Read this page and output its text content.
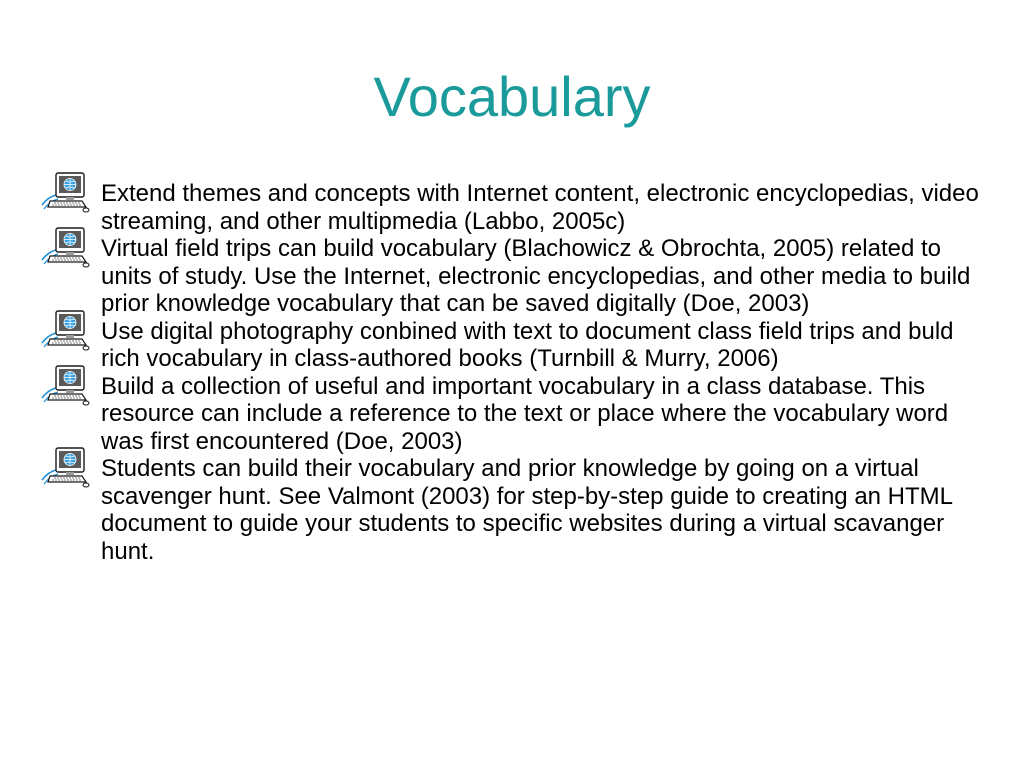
Vocabulary
Extend themes and concepts with Internet content, electronic encyclopedias, video streaming, and other multipmedia (Labbo, 2005c)
Virtual field trips can build vocabulary (Blachowicz & Obrochta, 2005) related to units of study. Use the Internet, electronic encyclopedias, and other media to build prior knowledge vocabulary that can be saved digitally (Doe, 2003)
Use digital photography conbined with text to document class field trips and buld rich vocabulary in class-authored books (Turnbill & Murry, 2006)
Build a collection of useful and important vocabulary in a class database. This resource can include a reference to the text or place where the vocabulary word was first encountered (Doe, 2003)
Students can build their vocabulary and prior knowledge by going on a virtual scavenger hunt. See Valmont (2003) for step-by-step guide to creating an HTML document to guide your students to specific websites during a virtual scavanger hunt.
